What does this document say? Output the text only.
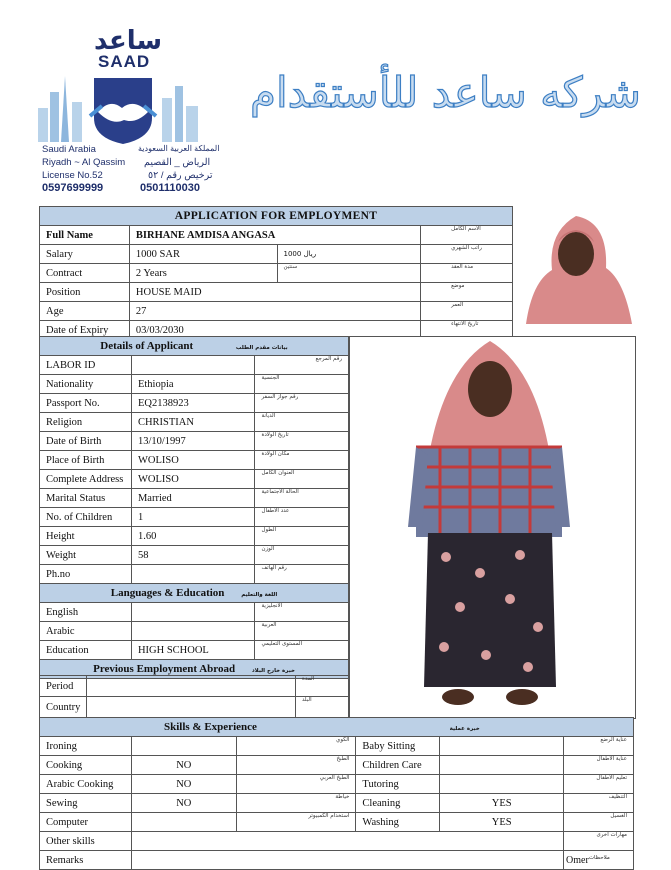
ساعد
SAAD
Saudi Arabia
Riyadh ~ Al Qassim
License No.52
0597699999
المملكة العربية السعودية
الرياض _ القصيم
ترخيص رقم / ٥٢
0501110030
شركه ساعد للأستقدام
APPLICATION FOR EMPLOYMENT			
Full Name	BIRHANE AMDISA ANGASA		الاسم الكامل
Salary	1000 SAR	1000 ريال	راتب الشهري
Contract	2 Years	سنتين	مدة العقد
Position	HOUSE MAID		موضع
Age	27		العمر
Date of Expiry	03/03/2030		تاريخ الانتهاء
Details of Applicant بيانات مقدم الطلب		
LABOR ID		رقم المرجع
Nationality	Ethiopia	الجنسية
Passport No.	EQ2138923	رقم جواز السفر
Religion	CHRISTIAN	الديانة
Date of Birth	13/10/1997	تاريخ الولادة
Place of Birth	WOLISO	مكان الولادة
Complete Address	WOLISO	العنوان الكامل
Marital Status	Married	الحالة الاجتماعية
No. of Children	1	عدد الاطفال
Height	1.60	الطول
Weight	58	الوزن
Ph.no		رقم الهاتف
Languages & Education اللغة والتعليم		
English		الانجليزية
Arabic		العربية
Education	HIGH SCHOOL	المستوى التعليمي
Previous Employment Abroad خبرة خارج البلاد		
Period		المدة
Country		البلد
Skills & Experience خبرة عملية					
Ironing		الكوي	Baby Sitting		عناية الرضع
Cooking	NO	الطبخ	Children Care		عناية الأطفال
Arabic Cooking	NO	الطبخ العربي	Tutoring		تعليم الأطفال
Sewing	NO	خياطة	Cleaning	YES	التنظيف
Computer		استخدام الكمبيوتر	Washing	YES	الغسيل
Other skills					مهارات أخرى
Remarks					Omer$^{ملاحظات}$
